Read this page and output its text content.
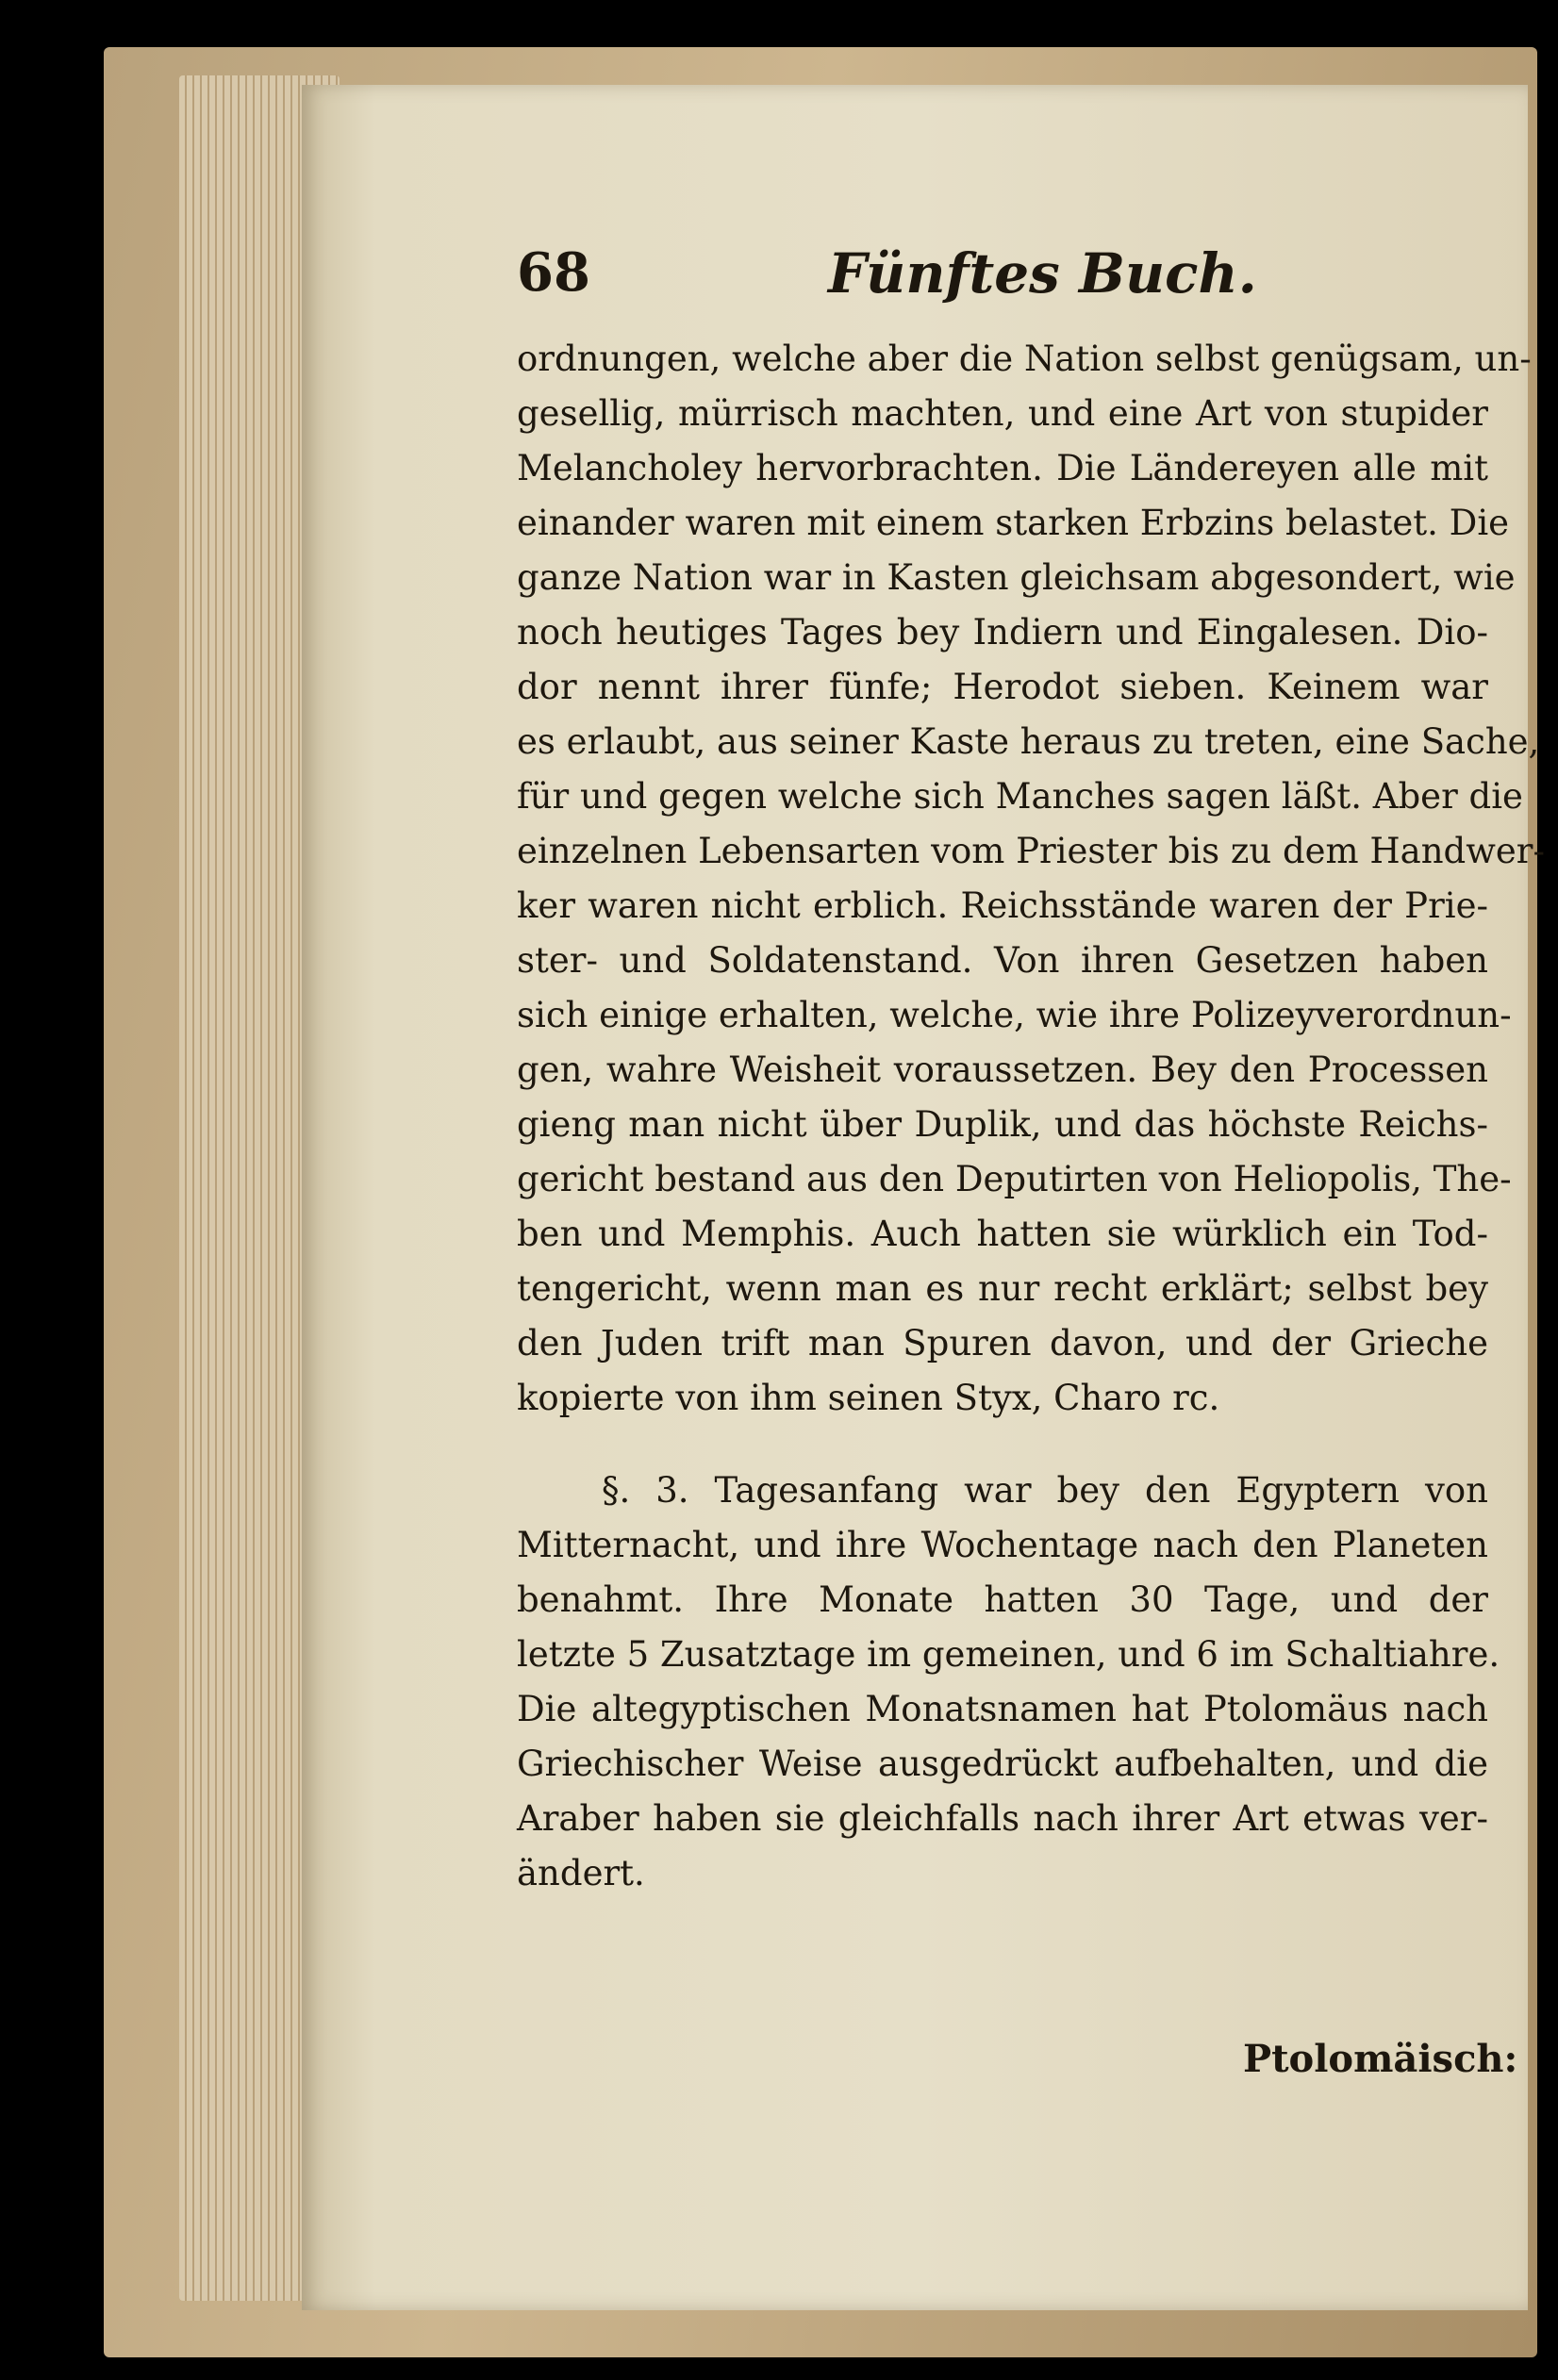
68	Fünftes Buch.
ordnungen, welche aber die Nation selbst genügsam, un-
gesellig, mürrisch machten, und eine Art von stupider
Melancholey hervorbrachten. Die Ländereyen alle mit
einander waren mit einem starken Erbzins belastet. Die
ganze Nation war in Kasten gleichsam abgesondert, wie
noch heutiges Tages bey Indiern und Eingalesen. Dio-
dor nennt ihrer fünfe; Herodot sieben. Keinem war
es erlaubt, aus seiner Kaste heraus zu treten, eine Sache,
für und gegen welche sich Manches sagen läßt. Aber die
einzelnen Lebensarten vom Priester bis zu dem Handwer-
ker waren nicht erblich. Reichsstände waren der Prie-
ster- und Soldatenstand. Von ihren Gesetzen haben
sich einige erhalten, welche, wie ihre Polizeyverordnun-
gen, wahre Weisheit voraussetzen. Bey den Processen
gieng man nicht über Duplik, und das höchste Reichs-
gericht bestand aus den Deputirten von Heliopolis, The-
ben und Memphis. Auch hatten sie würklich ein Tod-
tengericht, wenn man es nur recht erklärt; selbst bey
den Juden trift man Spuren davon, und der Grieche
kopierte von ihm seinen Styx, Charo rc.
§. 3. Tagesanfang war bey den Egyptern von
Mitternacht, und ihre Wochentage nach den Planeten
benahmt. Ihre Monate hatten 30 Tage, und der
letzte 5 Zusatztage im gemeinen, und 6 im Schaltiahre.
Die altegyptischen Monatsnamen hat Ptolomäus nach
Griechischer Weise ausgedrückt aufbehalten, und die
Araber haben sie gleichfalls nach ihrer Art etwas ver-
ändert.
Ptolomäisch:
